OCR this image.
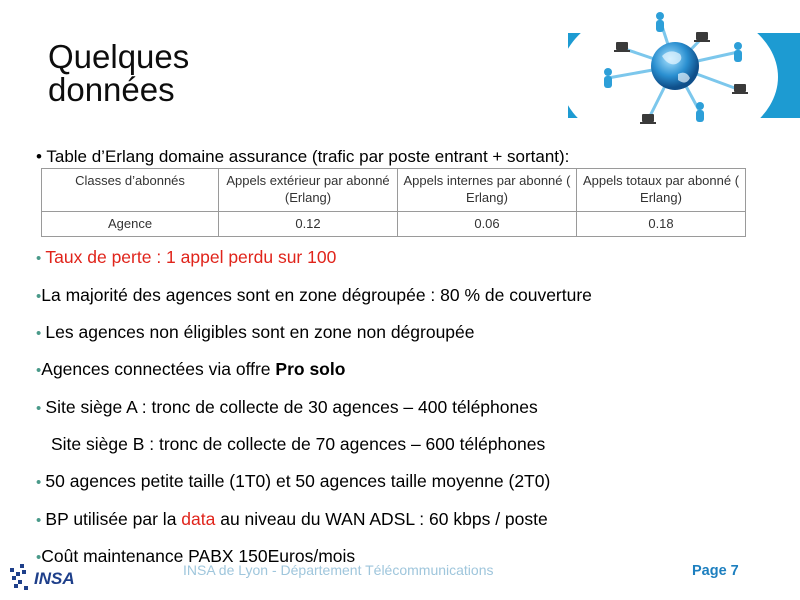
Quelques
données
• Table d’Erlang domaine assurance (trafic par poste entrant + sortant):
Classes d’abonnés	Appels extérieur par abonné (Erlang)	Appels internes par abonné ( Erlang)	Appels totaux par abonné ( Erlang)
Agence	0.12	0.06	0.18
• Taux de perte : 1 appel perdu sur 100
•La majorité des agences sont en zone dégroupée : 80 % de couverture
• Les agences non éligibles sont en zone non dégroupée
•Agences connectées via offre Pro solo
• Site siège A : tronc de collecte de 30 agences – 400 téléphones
Site siège B : tronc de collecte de 70 agences – 600 téléphones
• 50 agences petite taille (1T0) et 50 agences taille moyenne (2T0)
• BP utilisée par la data au niveau du WAN ADSL : 60 kbps / poste
•Coût maintenance PABX 150Euros/mois
INSA	INSA de Lyon - Département Télécommunications	Page 7
